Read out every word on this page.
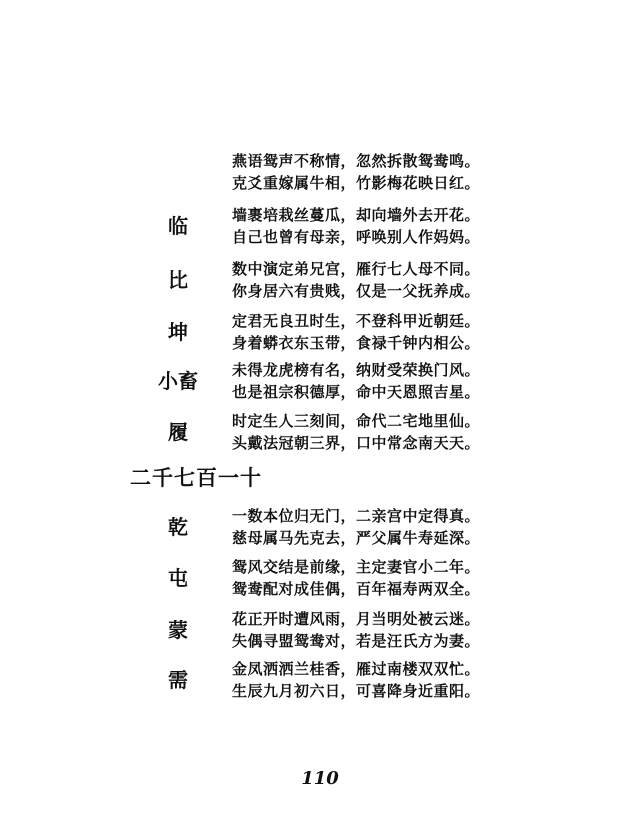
燕语鸳声不称情，忽然拆散鸳鸯鸣。
克爻重嫁属牛相，竹影梅花映日红。
临	墙裹培栽丝蔓瓜，却向墙外去开花。
自己也曾有母亲，呼唤别人作妈妈。
比	数中演定弟兄宫，雁行七人母不同。
你身居六有贵贱，仅是一父抚养成。
坤	定君无良丑时生，不登科甲近朝廷。
身着蟒衣东玉带，食禄千钟内相公。
小畜	未得龙虎榜有名，纳财受荣换门风。
也是祖宗积德厚，命中天恩照吉星。
履	时定生人三刻间，命代二宅地里仙。
头戴法冠朝三界，口中常念南天天。
二千七百一十
乾	一数本位归无门，二亲宫中定得真。
慈母属马先克去，严父属牛寿延深。
屯	鸳风交结是前缘，主定妻官小二年。
鸳鸯配对成佳偶，百年福寿两双全。
蒙	花正开时遭风雨，月当明处被云迷。
失偶寻盟鸳鸯对，若是汪氏方为妻。
需	金凤洒洒兰桂香，雁过南楼双双忙。
生辰九月初六日，可喜降身近重阳。
110
